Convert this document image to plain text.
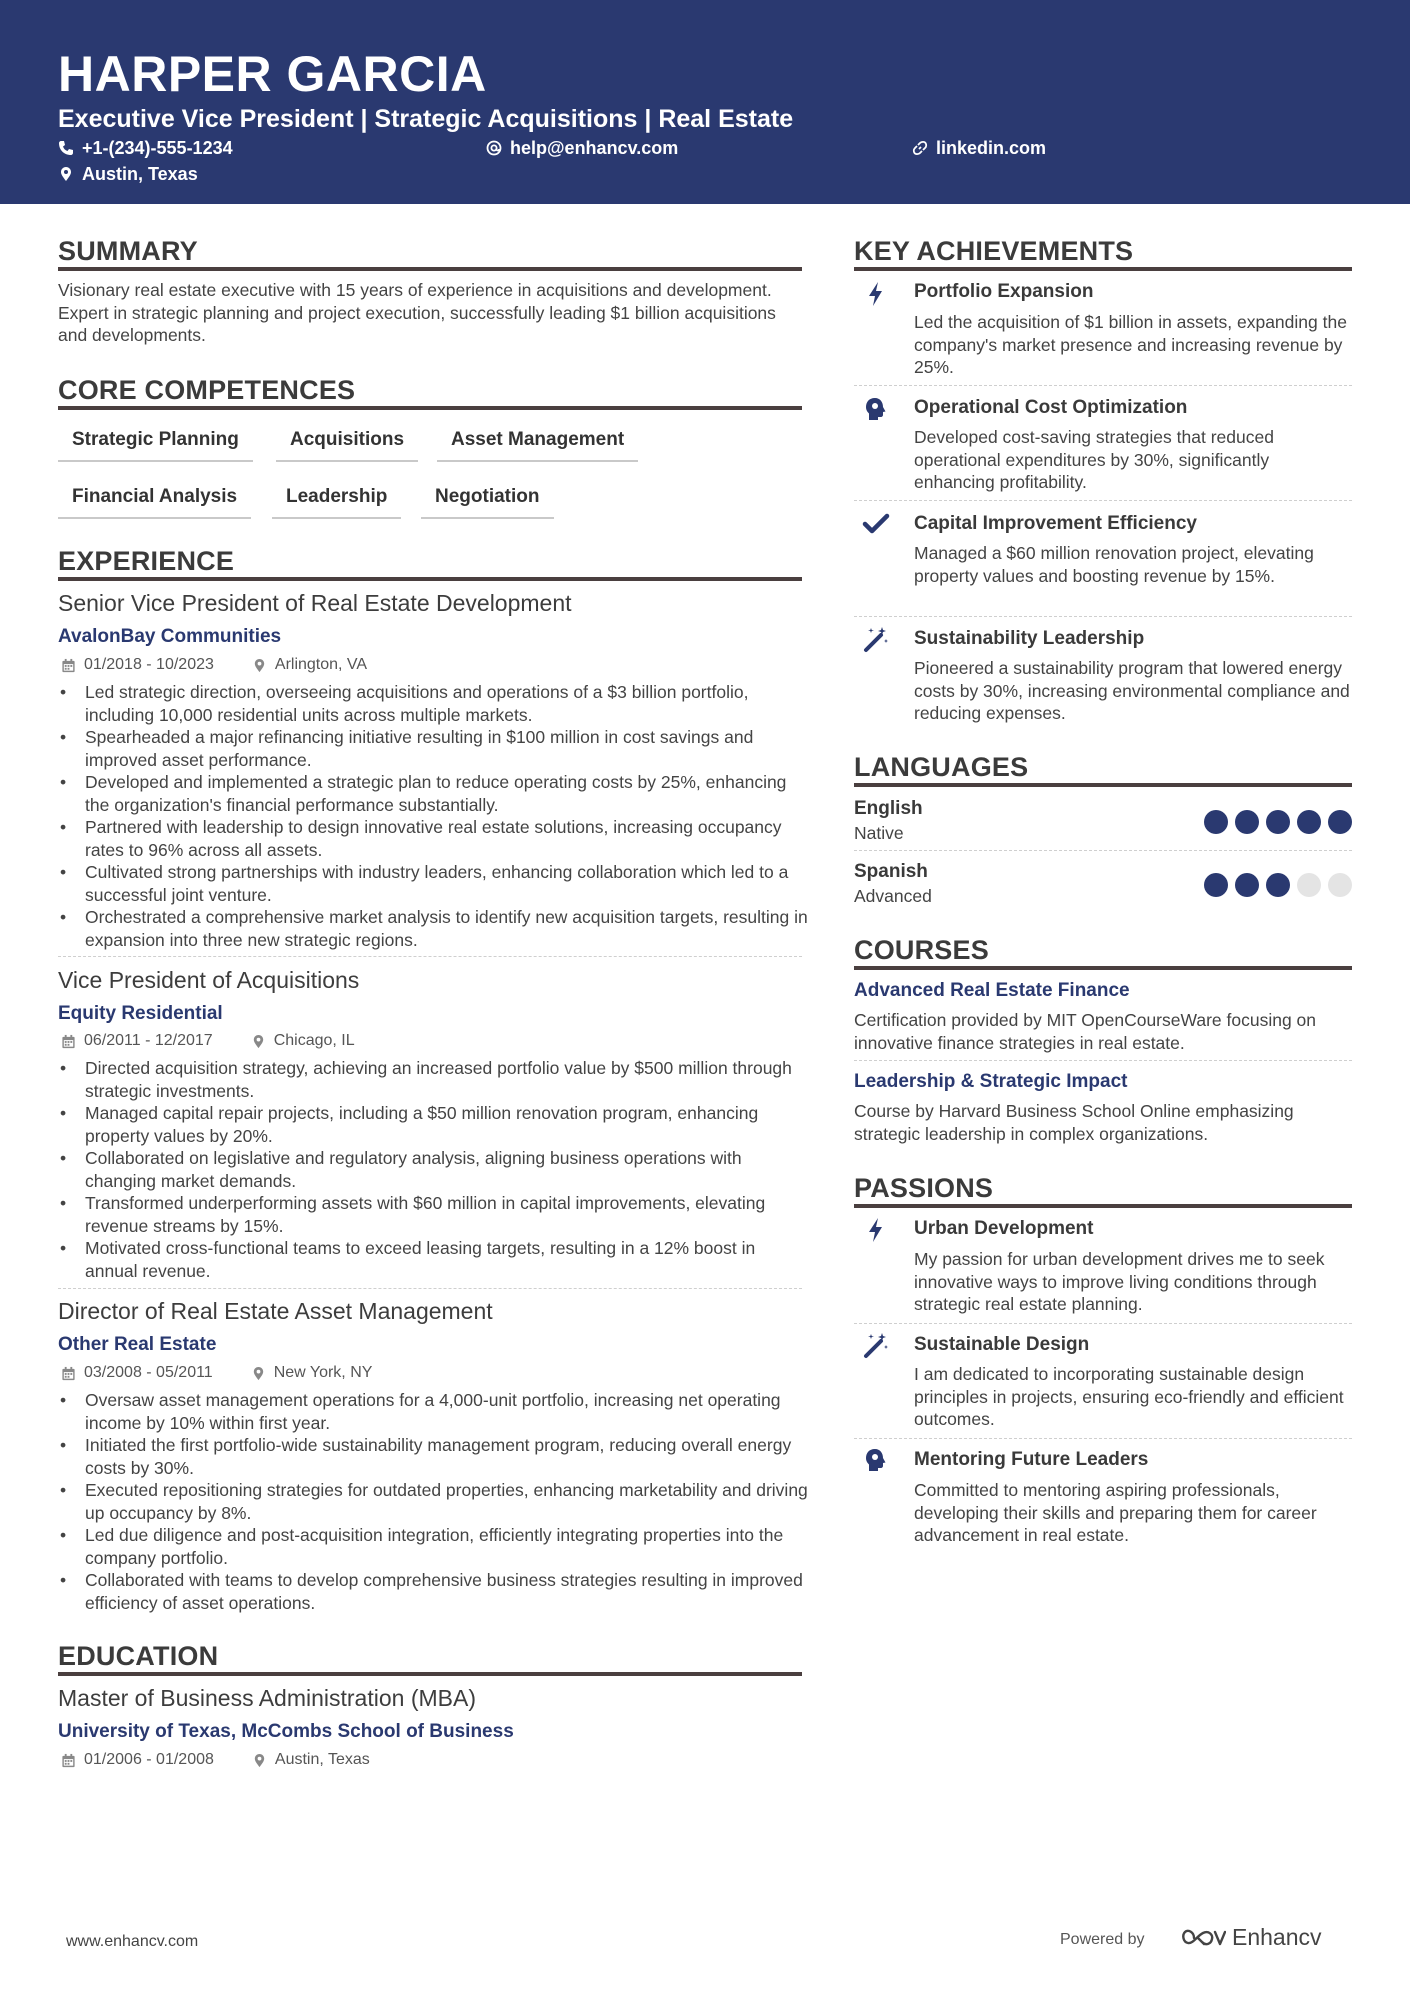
HARPER GARCIA
Executive Vice President | Strategic Acquisitions | Real Estate
+1-(234)-555-1234	help@enhancv.com	linkedin.com
Austin, Texas
SUMMARY
Visionary real estate executive with 15 years of experience in acquisitions and development. Expert in strategic planning and project execution, successfully leading $1 billion acquisitions and developments.
CORE COMPETENCES
Strategic Planning	Acquisitions	Asset Management
Financial Analysis	Leadership	Negotiation
EXPERIENCE
Senior Vice President of Real Estate Development
AvalonBay Communities
01/2018 - 10/2023	Arlington, VA
• Led strategic direction, overseeing acquisitions and operations of a $3 billion portfolio, including 10,000 residential units across multiple markets.
• Spearheaded a major refinancing initiative resulting in $100 million in cost savings and improved asset performance.
• Developed and implemented a strategic plan to reduce operating costs by 25%, enhancing the organization's financial performance substantially.
• Partnered with leadership to design innovative real estate solutions, increasing occupancy rates to 96% across all assets.
• Cultivated strong partnerships with industry leaders, enhancing collaboration which led to a successful joint venture.
• Orchestrated a comprehensive market analysis to identify new acquisition targets, resulting in expansion into three new strategic regions.
Vice President of Acquisitions
Equity Residential
06/2011 - 12/2017	Chicago, IL
• Directed acquisition strategy, achieving an increased portfolio value by $500 million through strategic investments.
• Managed capital repair projects, including a $50 million renovation program, enhancing property values by 20%.
• Collaborated on legislative and regulatory analysis, aligning business operations with changing market demands.
• Transformed underperforming assets with $60 million in capital improvements, elevating revenue streams by 15%.
• Motivated cross-functional teams to exceed leasing targets, resulting in a 12% boost in annual revenue.
Director of Real Estate Asset Management
Other Real Estate
03/2008 - 05/2011	New York, NY
• Oversaw asset management operations for a 4,000-unit portfolio, increasing net operating income by 10% within first year.
• Initiated the first portfolio-wide sustainability management program, reducing overall energy costs by 30%.
• Executed repositioning strategies for outdated properties, enhancing marketability and driving up occupancy by 8%.
• Led due diligence and post-acquisition integration, efficiently integrating properties into the company portfolio.
• Collaborated with teams to develop comprehensive business strategies resulting in improved efficiency of asset operations.
EDUCATION
Master of Business Administration (MBA)
University of Texas, McCombs School of Business
01/2006 - 01/2008	Austin, Texas
KEY ACHIEVEMENTS
Portfolio Expansion
Led the acquisition of $1 billion in assets, expanding the company's market presence and increasing revenue by 25%.
Operational Cost Optimization
Developed cost-saving strategies that reduced operational expenditures by 30%, significantly enhancing profitability.
Capital Improvement Efficiency
Managed a $60 million renovation project, elevating property values and boosting revenue by 15%.
Sustainability Leadership
Pioneered a sustainability program that lowered energy costs by 30%, increasing environmental compliance and reducing expenses.
LANGUAGES
English
Native
Spanish
Advanced
COURSES
Advanced Real Estate Finance
Certification provided by MIT OpenCourseWare focusing on innovative finance strategies in real estate.
Leadership & Strategic Impact
Course by Harvard Business School Online emphasizing strategic leadership in complex organizations.
PASSIONS
Urban Development
My passion for urban development drives me to seek innovative ways to improve living conditions through strategic real estate planning.
Sustainable Design
I am dedicated to incorporating sustainable design principles in projects, ensuring eco-friendly and efficient outcomes.
Mentoring Future Leaders
Committed to mentoring aspiring professionals, developing their skills and preparing them for career advancement in real estate.
www.enhancv.com	Powered by	Enhancv
